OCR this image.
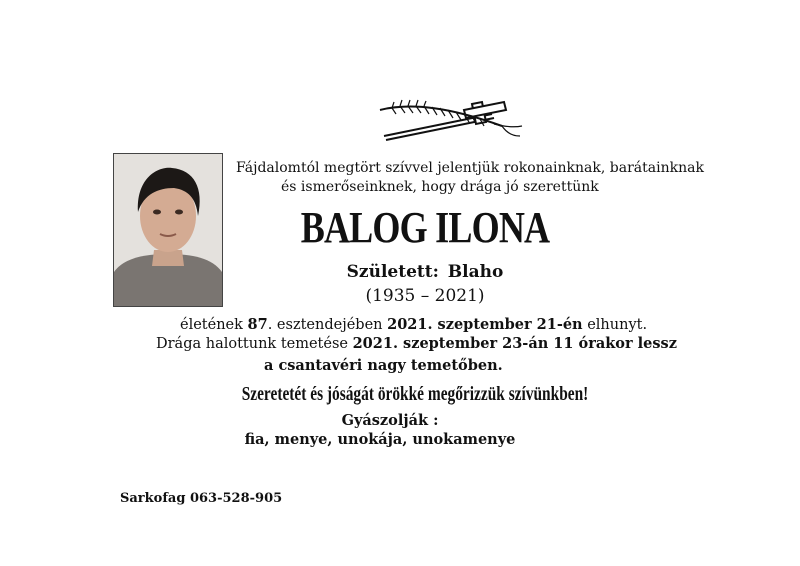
Fájdalomtól megtört szívvel jelentjük rokonainknak, barátainknak
és ismerőseinknek, hogy drága jó szerettünk
BALOG ILONA
Született: Blaho
(1935 – 2021)
életének 87. esztendejében 2021. szeptember 21-én elhunyt.
Drága halottunk temetése 2021. szeptember 23-án 11 órakor lessz
a csantavéri nagy temetőben.
Szeretetét és jóságát örökké megőrizzük szívünkben!
Gyászolják :
fia, menye, unokája, unokamenye
Sarkofag 063-528-905
